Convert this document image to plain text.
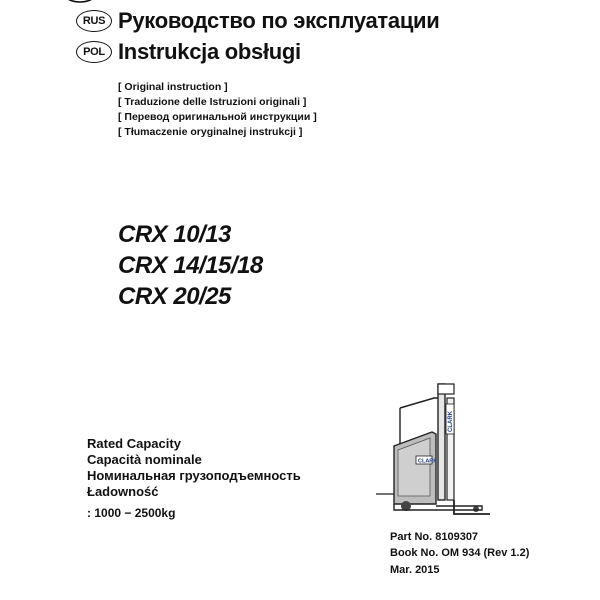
RUS Руководство по эксплуатации
POL Instrukcja obsługi
[ Original instruction ]
[ Traduzione delle Istruzioni originali ]
[ Перевод оригинальной инструкции ]
[ Tłumaczenie oryginalnej instrukcji ]
CRX 10/13
CRX 14/15/18
CRX 20/25
Rated Capacity
Capacità nominale
Номинальная грузоподъемность
Ładowność
: 1000 − 2500kg
CLARK
CLARK
Part No. 8109307
Book No. OM 934 (Rev 1.2)
Mar. 2015
